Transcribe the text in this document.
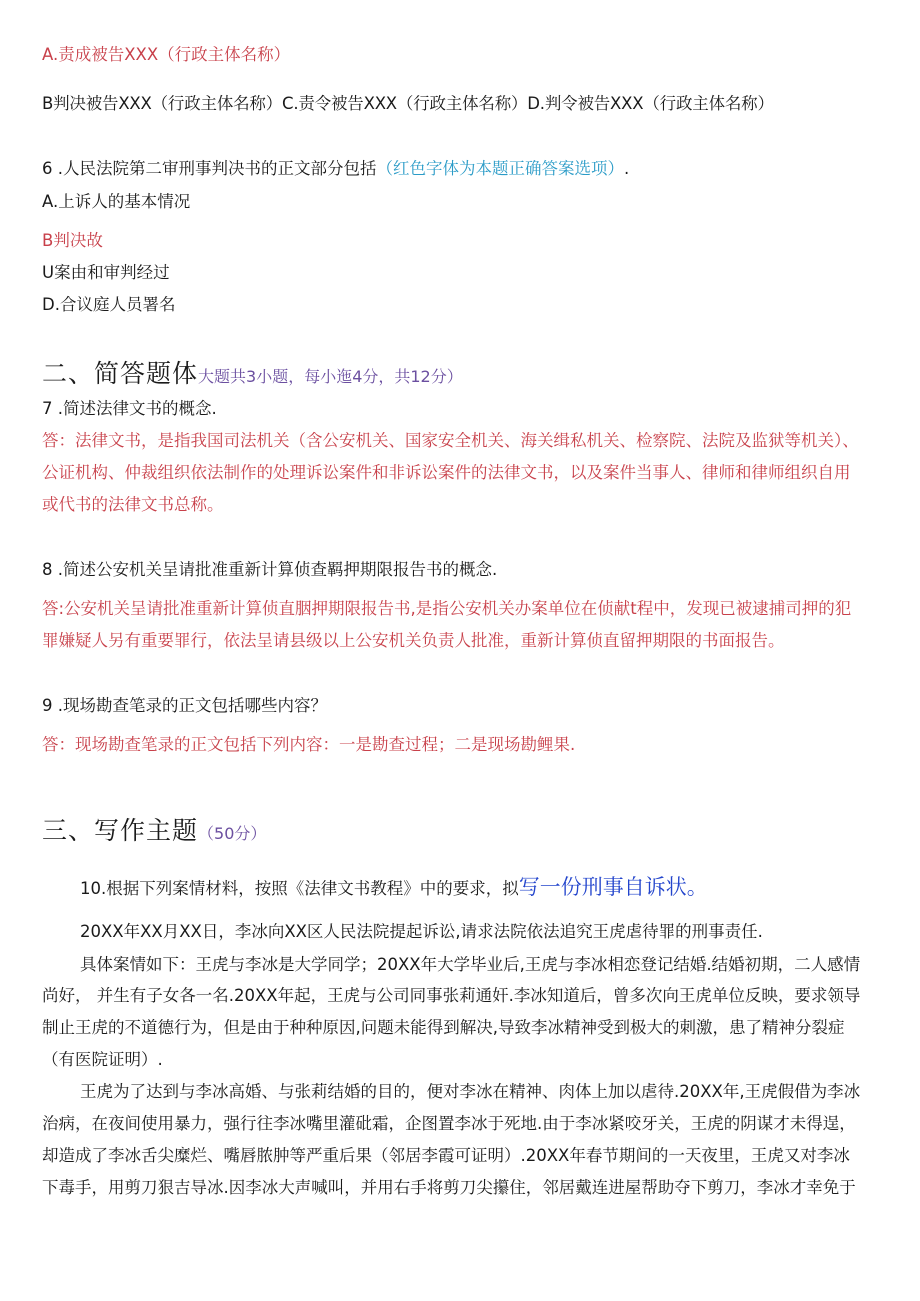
A.责成被告XXX（行政主体名称）
B判决被告XXX（行政主体名称）C.责令被告XXX（行政主体名称）D.判令被告XXX（行政主体名称）
6 .人民法院第二审刑事判决书的正文部分包括（红色字体为本题正确答案选项）.
A.上诉人的基本情况
B判决故
U案由和审判经过
D.合议庭人员署名
二、简答题体大题共3小题，每小迤4分，共12分）
7 .简述法律文书的概念.
答：法律文书，是指我国司法机关（含公安机关、国家安全机关、海关缉私机关、检察院、法院及监狱等机关）、
公证机构、仲裁组织依法制作的处理诉讼案件和非诉讼案件的法律文书，以及案件当事人、律师和律师组织自用
或代书的法律文书总称。
8 .简述公安机关呈请批准重新计算侦查羁押期限报告书的概念.
答:公安机关呈请批准重新计算侦直胭押期限报告书,是指公安机关办案单位在侦献t程中，发现已被逮捕司押的犯
罪嫌疑人另有重要罪行，依法呈请县级以上公安机关负责人批准，重新计算侦直留押期限的书面报告。
9 .现场勘查笔录的正文包括哪些内容？
答：现场勘查笔录的正文包括下列内容：一是勘查过程；二是现场勘鲤果.
三、写作主题（50分）
10.根据下列案情材料，按照《法律文书教程》中的要求，拟写一份刑事自诉状。
20XX年XX月XX日，李冰向XX区人民法院提起诉讼,请求法院依法追究王虎虐待罪的刑事责任.
具体案情如下：王虎与李冰是大学同学；20XX年大学毕业后,王虎与李冰相恋登记结婚.结婚初期，二人感情
尚好， 并生有子女各一名.20XX年起，王虎与公司同事张莉通奸.李冰知道后，曾多次向王虎单位反映，要求领导
制止王虎的不道德行为，但是由于种种原因,问题未能得到解决,导致李冰精神受到极大的刺激，患了精神分裂症
（有医院证明）.
王虎为了达到与李冰高婚、与张莉结婚的目的，便对李冰在精神、肉体上加以虐待.20XX年,王虎假借为李冰
治病，在夜间使用暴力，强行往李冰嘴里灌砒霜，企图置李冰于死地.由于李冰紧咬牙关，王虎的阴谋才未得逞，
却造成了李冰舌尖糜烂、嘴唇脓肿等严重后果（邻居李霞可证明）.20XX年春节期间的一天夜里，王虎又对李冰
下毒手，用剪刀狠吉导冰.因李冰大声喊叫，并用右手将剪刀尖攥住，邻居戴连进屋帮助夺下剪刀，李冰才幸免于
